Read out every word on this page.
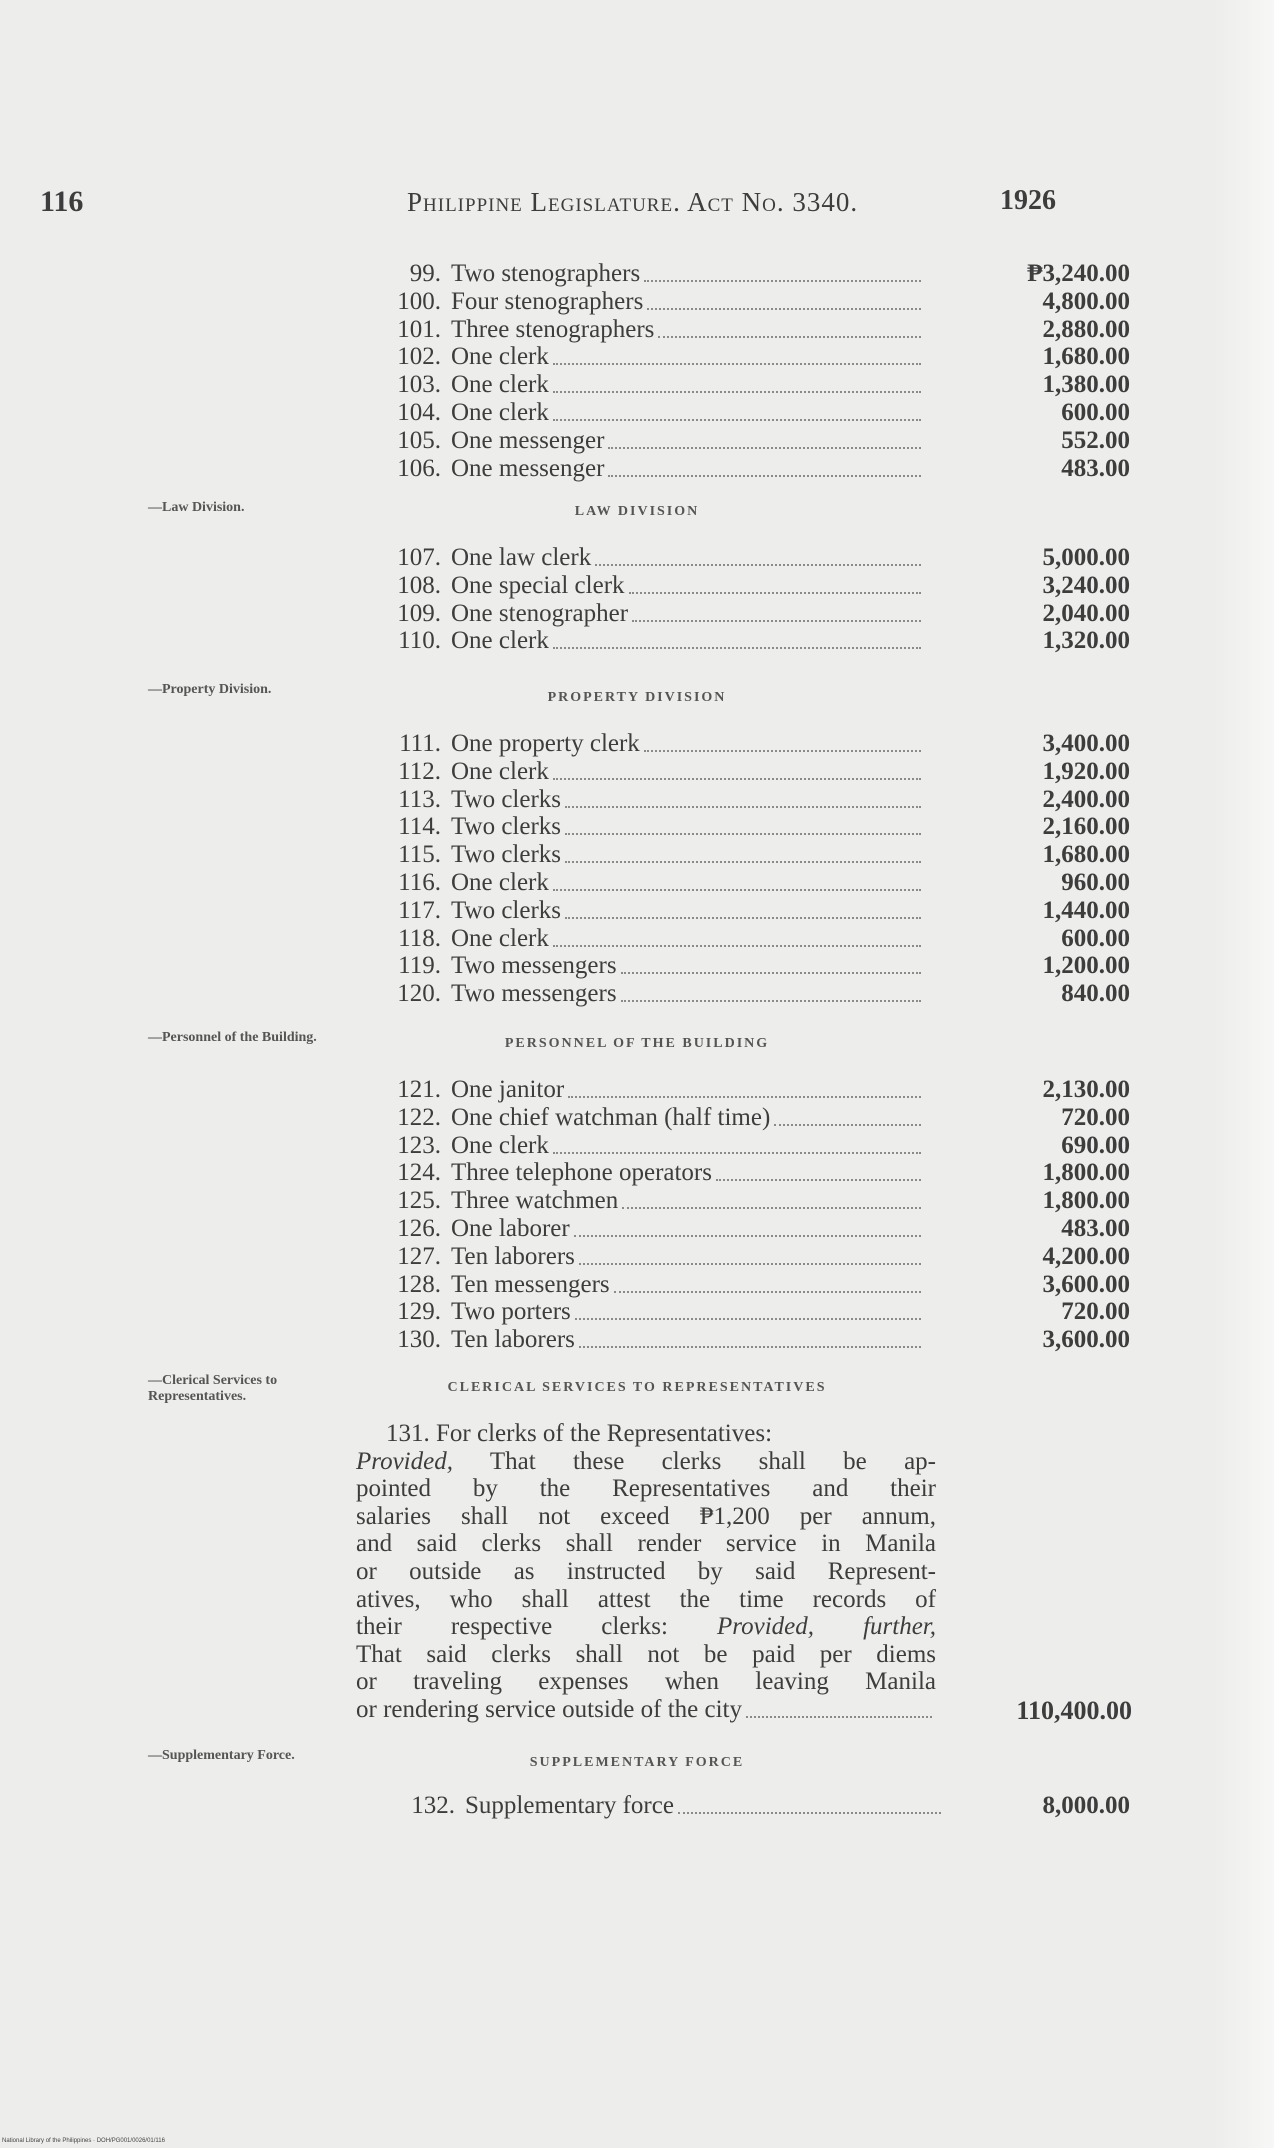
116	Philippine Legislature. Act No. 3340.	1926
99. Two stenographers	₱3,240.00
100. Four stenographers	4,800.00
101. Three stenographers	2,880.00
102. One clerk	1,680.00
103. One clerk	1,380.00
104. One clerk	600.00
105. One messenger	552.00
106. One messenger	483.00
LAW DIVISION
—Law Division.
107. One law clerk	5,000.00
108. One special clerk	3,240.00
109. One stenographer	2,040.00
110. One clerk	1,320.00
PROPERTY DIVISION
—Property Division.
111. One property clerk	3,400.00
112. One clerk	1,920.00
113. Two clerks	2,400.00
114. Two clerks	2,160.00
115. Two clerks	1,680.00
116. One clerk	960.00
117. Two clerks	1,440.00
118. One clerk	600.00
119. Two messengers	1,200.00
120. Two messengers	840.00
PERSONNEL OF THE BUILDING
—Personnel of the Building.
121. One janitor	2,130.00
122. One chief watchman (half time)	720.00
123. One clerk	690.00
124. Three telephone operators	1,800.00
125. Three watchmen	1,800.00
126. One laborer	483.00
127. Ten laborers	4,200.00
128. Ten messengers	3,600.00
129. Two porters	720.00
130. Ten laborers	3,600.00
CLERICAL SERVICES TO REPRESENTATIVES
—Clerical Services to Representatives.
131. For clerks of the Representatives:
Provided, That these clerks shall be ap-
pointed by the Representatives and their
salaries shall not exceed ₱1,200 per annum,
and said clerks shall render service in Manila
or outside as instructed by said Represent-
atives, who shall attest the time records of
their respective clerks: Provided, further,
That said clerks shall not be paid per diems
or traveling expenses when leaving Manila
or rendering service outside of the city	110,400.00
SUPPLEMENTARY FORCE
—Supplementary Force.
132. Supplementary force	8,000.00
National Library of the Philippines · DOH/PG001/0026/01/116
